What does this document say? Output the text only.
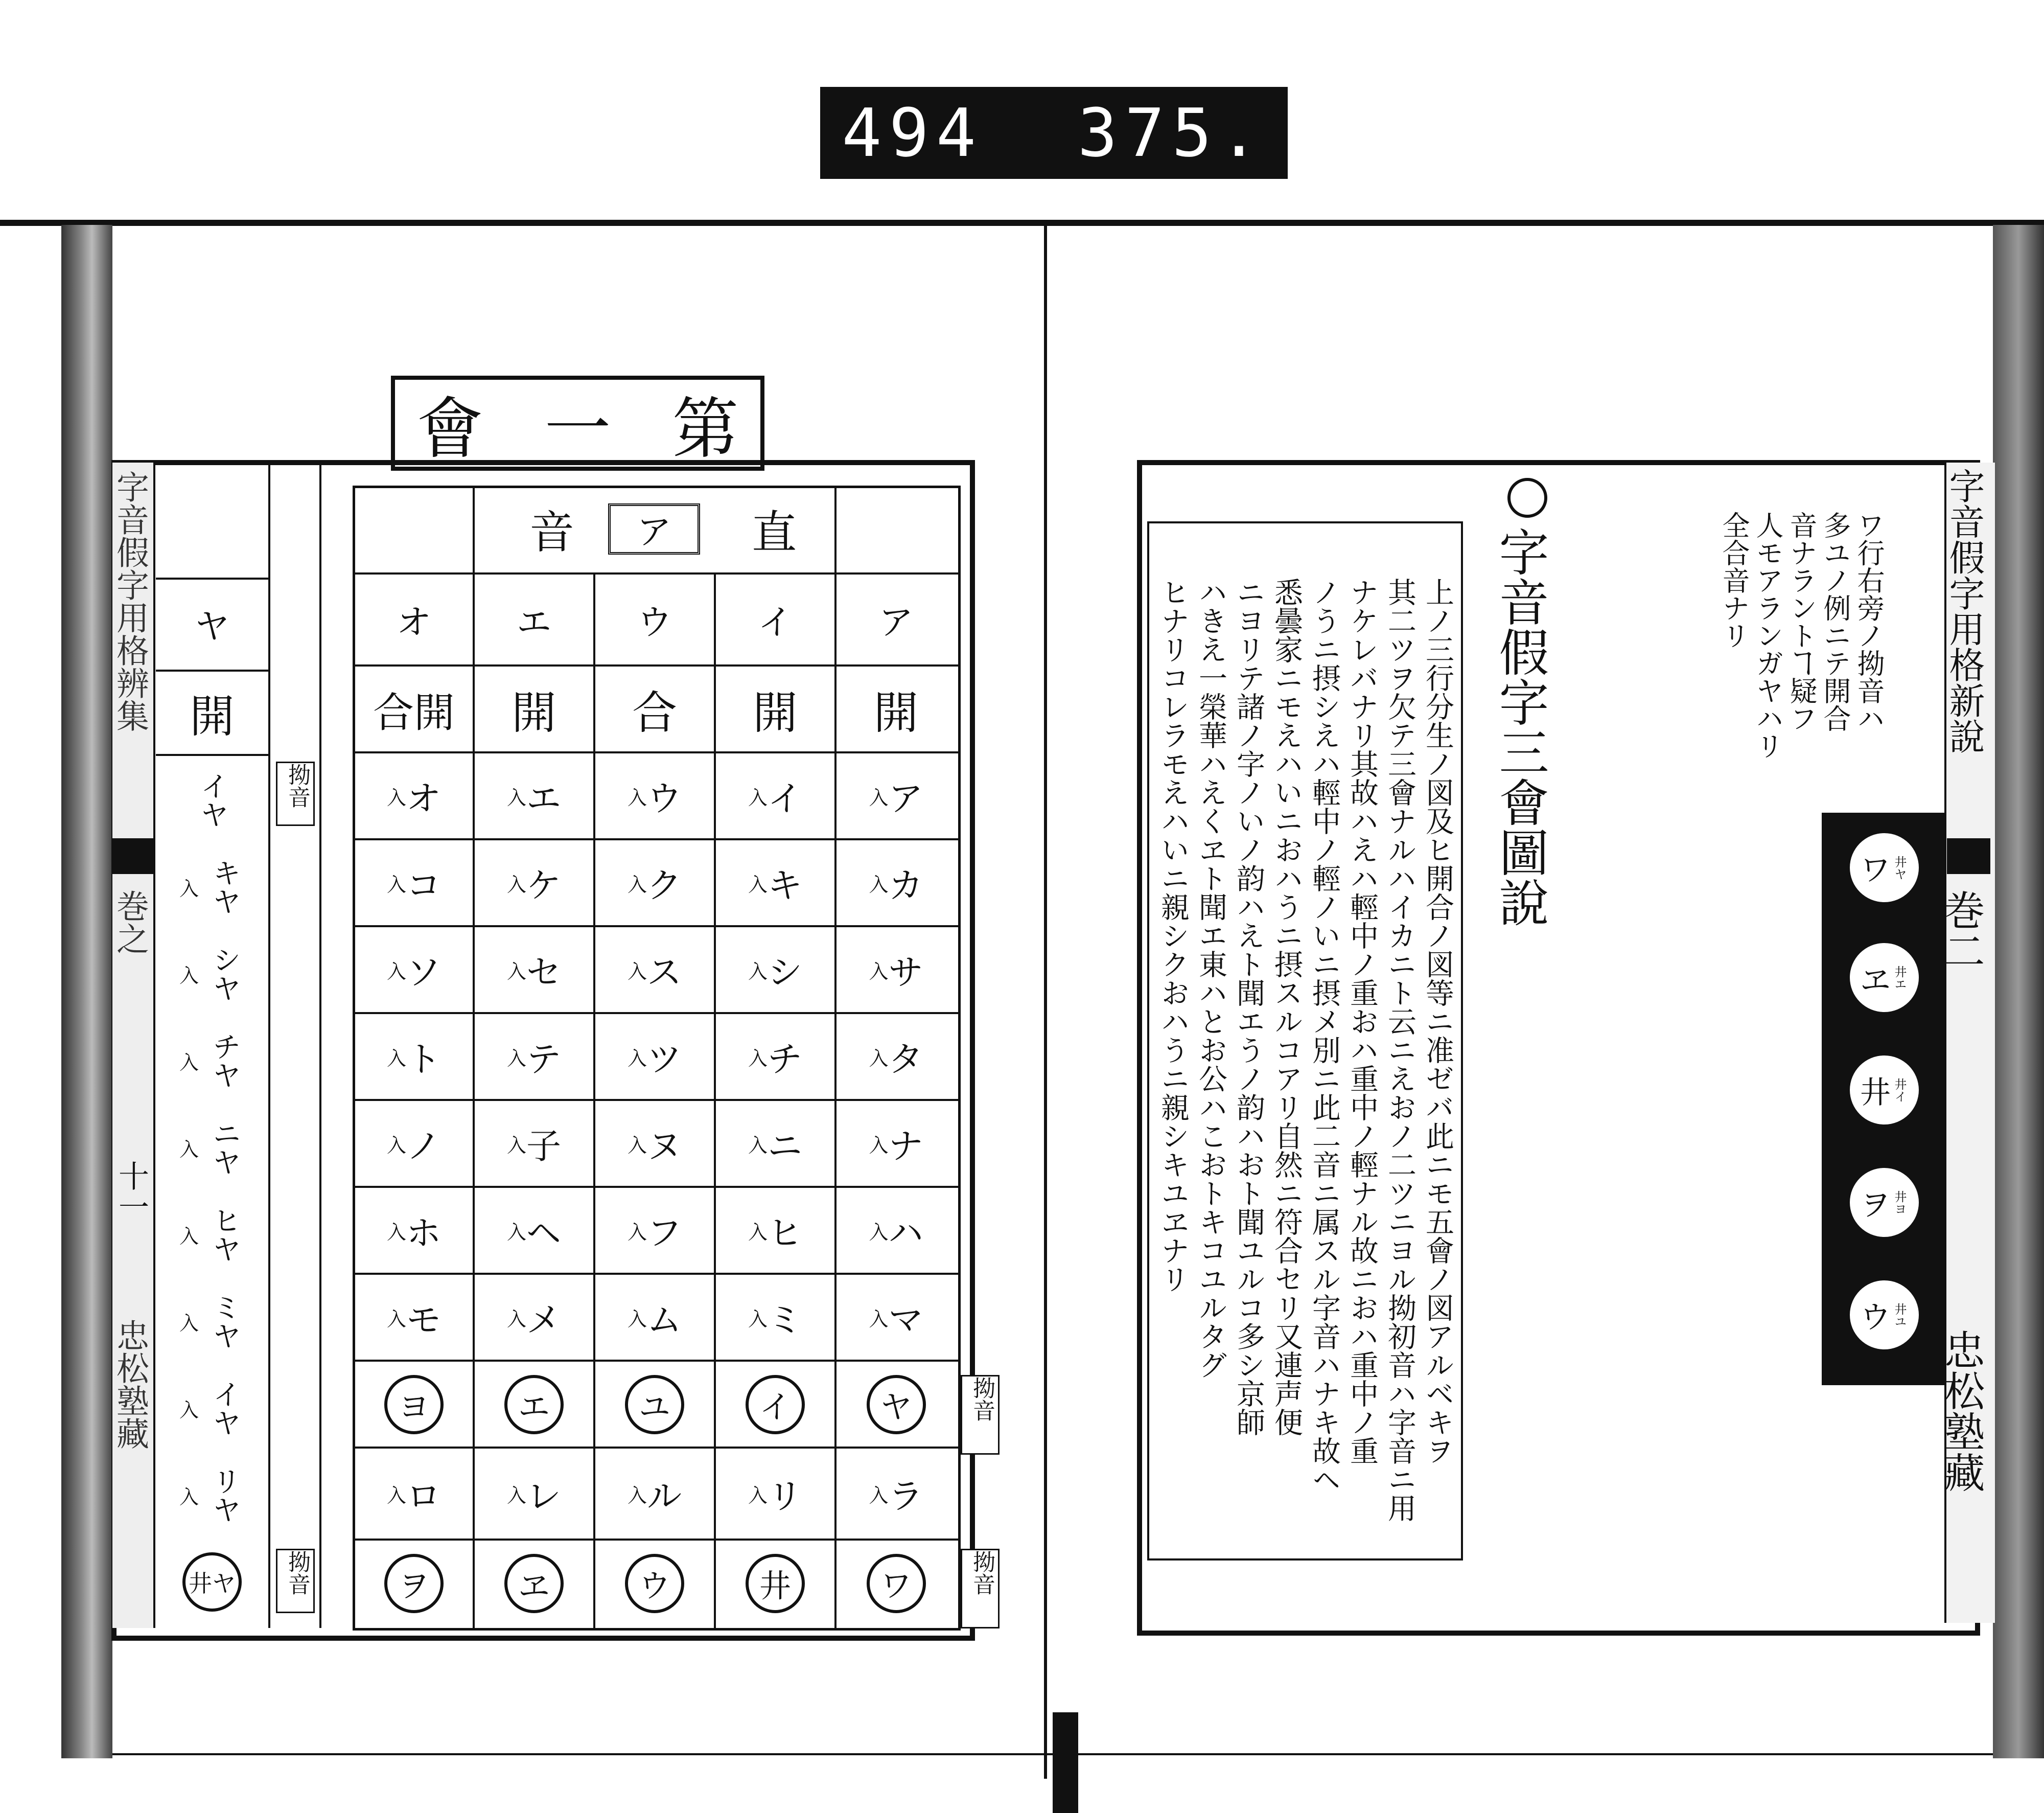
494  375.
第一會
字音假字用格辨集
巻之
十一
忠松塾藏
ヤ
開
拗音
拗音
イヤ
入 キヤ
入 シヤ
入 チヤ
入 ニヤ
入 ヒヤ
入 ミヤ
入 イヤ
入 リヤ
井ヤ
音 ア 直
ア
イ
ウ
エ
オ
開
開
合
開
合開
入 ア
入 イ
入 ウ
入 エ
入 オ
入 カ
入 キ
入 ク
入 ケ
入 コ
入 サ
入 シ
入 ス
入 セ
入 ソ
入 タ
入 チ
入 ツ
入 テ
入 ト
入 ナ
入 ニ
入 ヌ
入 子
入 ノ
入 ハ
入 ヒ
入 フ
入 ヘ
入 ホ
入 マ
入 ミ
入 ム
入 メ
入 モ
ヤ
イ
ユ
エ
ヨ
入 ラ
入 リ
入 ル
入 レ
入 ロ
ワ
井
ウ
ヱ
ヲ
拗音
拗音
上ノ三行分生ノ図及ヒ開合ノ図等ニ准ゼバ此ニモ五會ノ図アルベキヲ
其二ツヲ欠テ三會ナルハイカニト云ニえおノ二ツニヨル拗初音ハ字音ニ用
ナケレバナリ其故ハえハ輕中ノ重おハ重中ノ輕ナル故ニおハ重中ノ重
ノうニ摂シえハ輕中ノ輕ノいニ摂メ別ニ此二音ニ属スル字音ハナキ故ヘ
悉曇家ニモえハいニおハうニ摂スルコアリ自然ニ符合セリ又連声便
ニヨリテ諸ノ字ノいノ韵ハえト聞エうノ韵ハおト聞ユルコ多シ京師
ハきえ一榮華ハえくヱト聞エ東ハとお公ハこおトキコユルタグ
ヒナリコレラモえハいニ親シクおハうニ親シキユヱナリ	字音假字三會圖說	ワ行右旁ノ拗音ハ
多ユノ例ニテ開合
音ナラントヿ疑フ
人モアランガヤハリ
全合音ナリ
ワ 井ヤ
ヱ 井エ
井 井イ
ヲ 井ヨ
ウ 井ユ
字音假字用格新說
巻二
忠松塾藏
